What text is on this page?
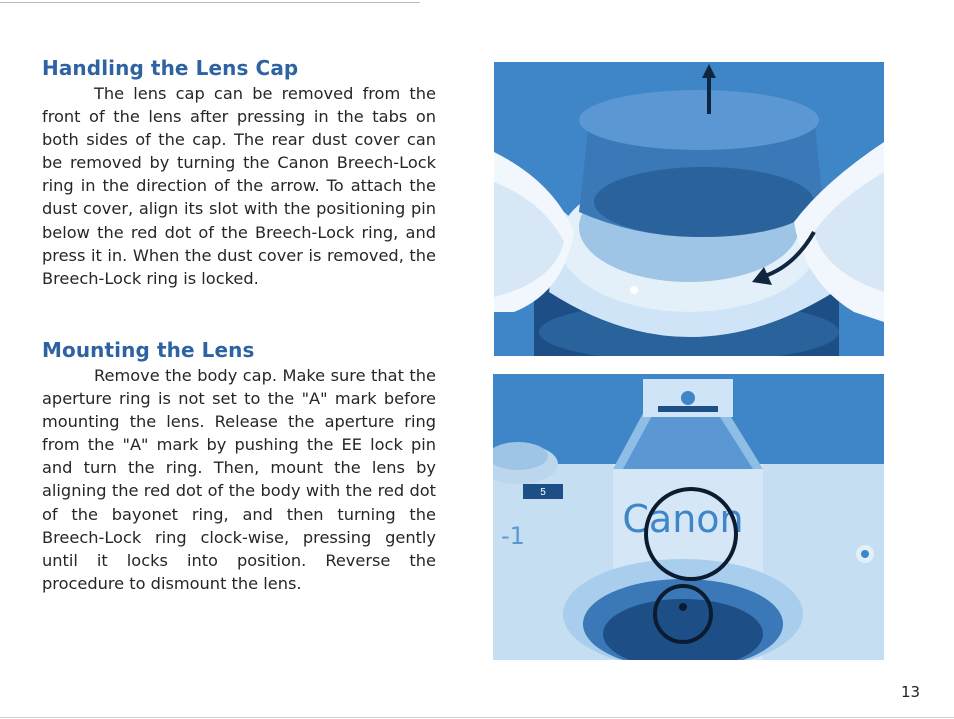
Handling the Lens Cap

The lens cap can be removed from the front of the lens after pressing in the tabs on both sides of the cap. The rear dust cover can be removed by turning the Canon Breech-Lock ring in the direction of the arrow. To attach the dust cover, align its slot with the positioning pin below the red dot of the Breech-Lock ring, and press it in. When the dust cover is removed, the Breech-Lock ring is locked.

Mounting the Lens

Remove the body cap. Make sure that the aperture ring is not set to the "A" mark before mounting the lens. Release the aperture ring from the "A" mark by pushing the EE lock pin and turn the ring. Then, mount the lens by aligning the red dot of the body with the red dot of the bayonet ring, and then turning the Breech-Lock ring clock-wise, pressing gently until it locks into position. Reverse the procedure to dismount the lens.

5
Canon
-1
13
